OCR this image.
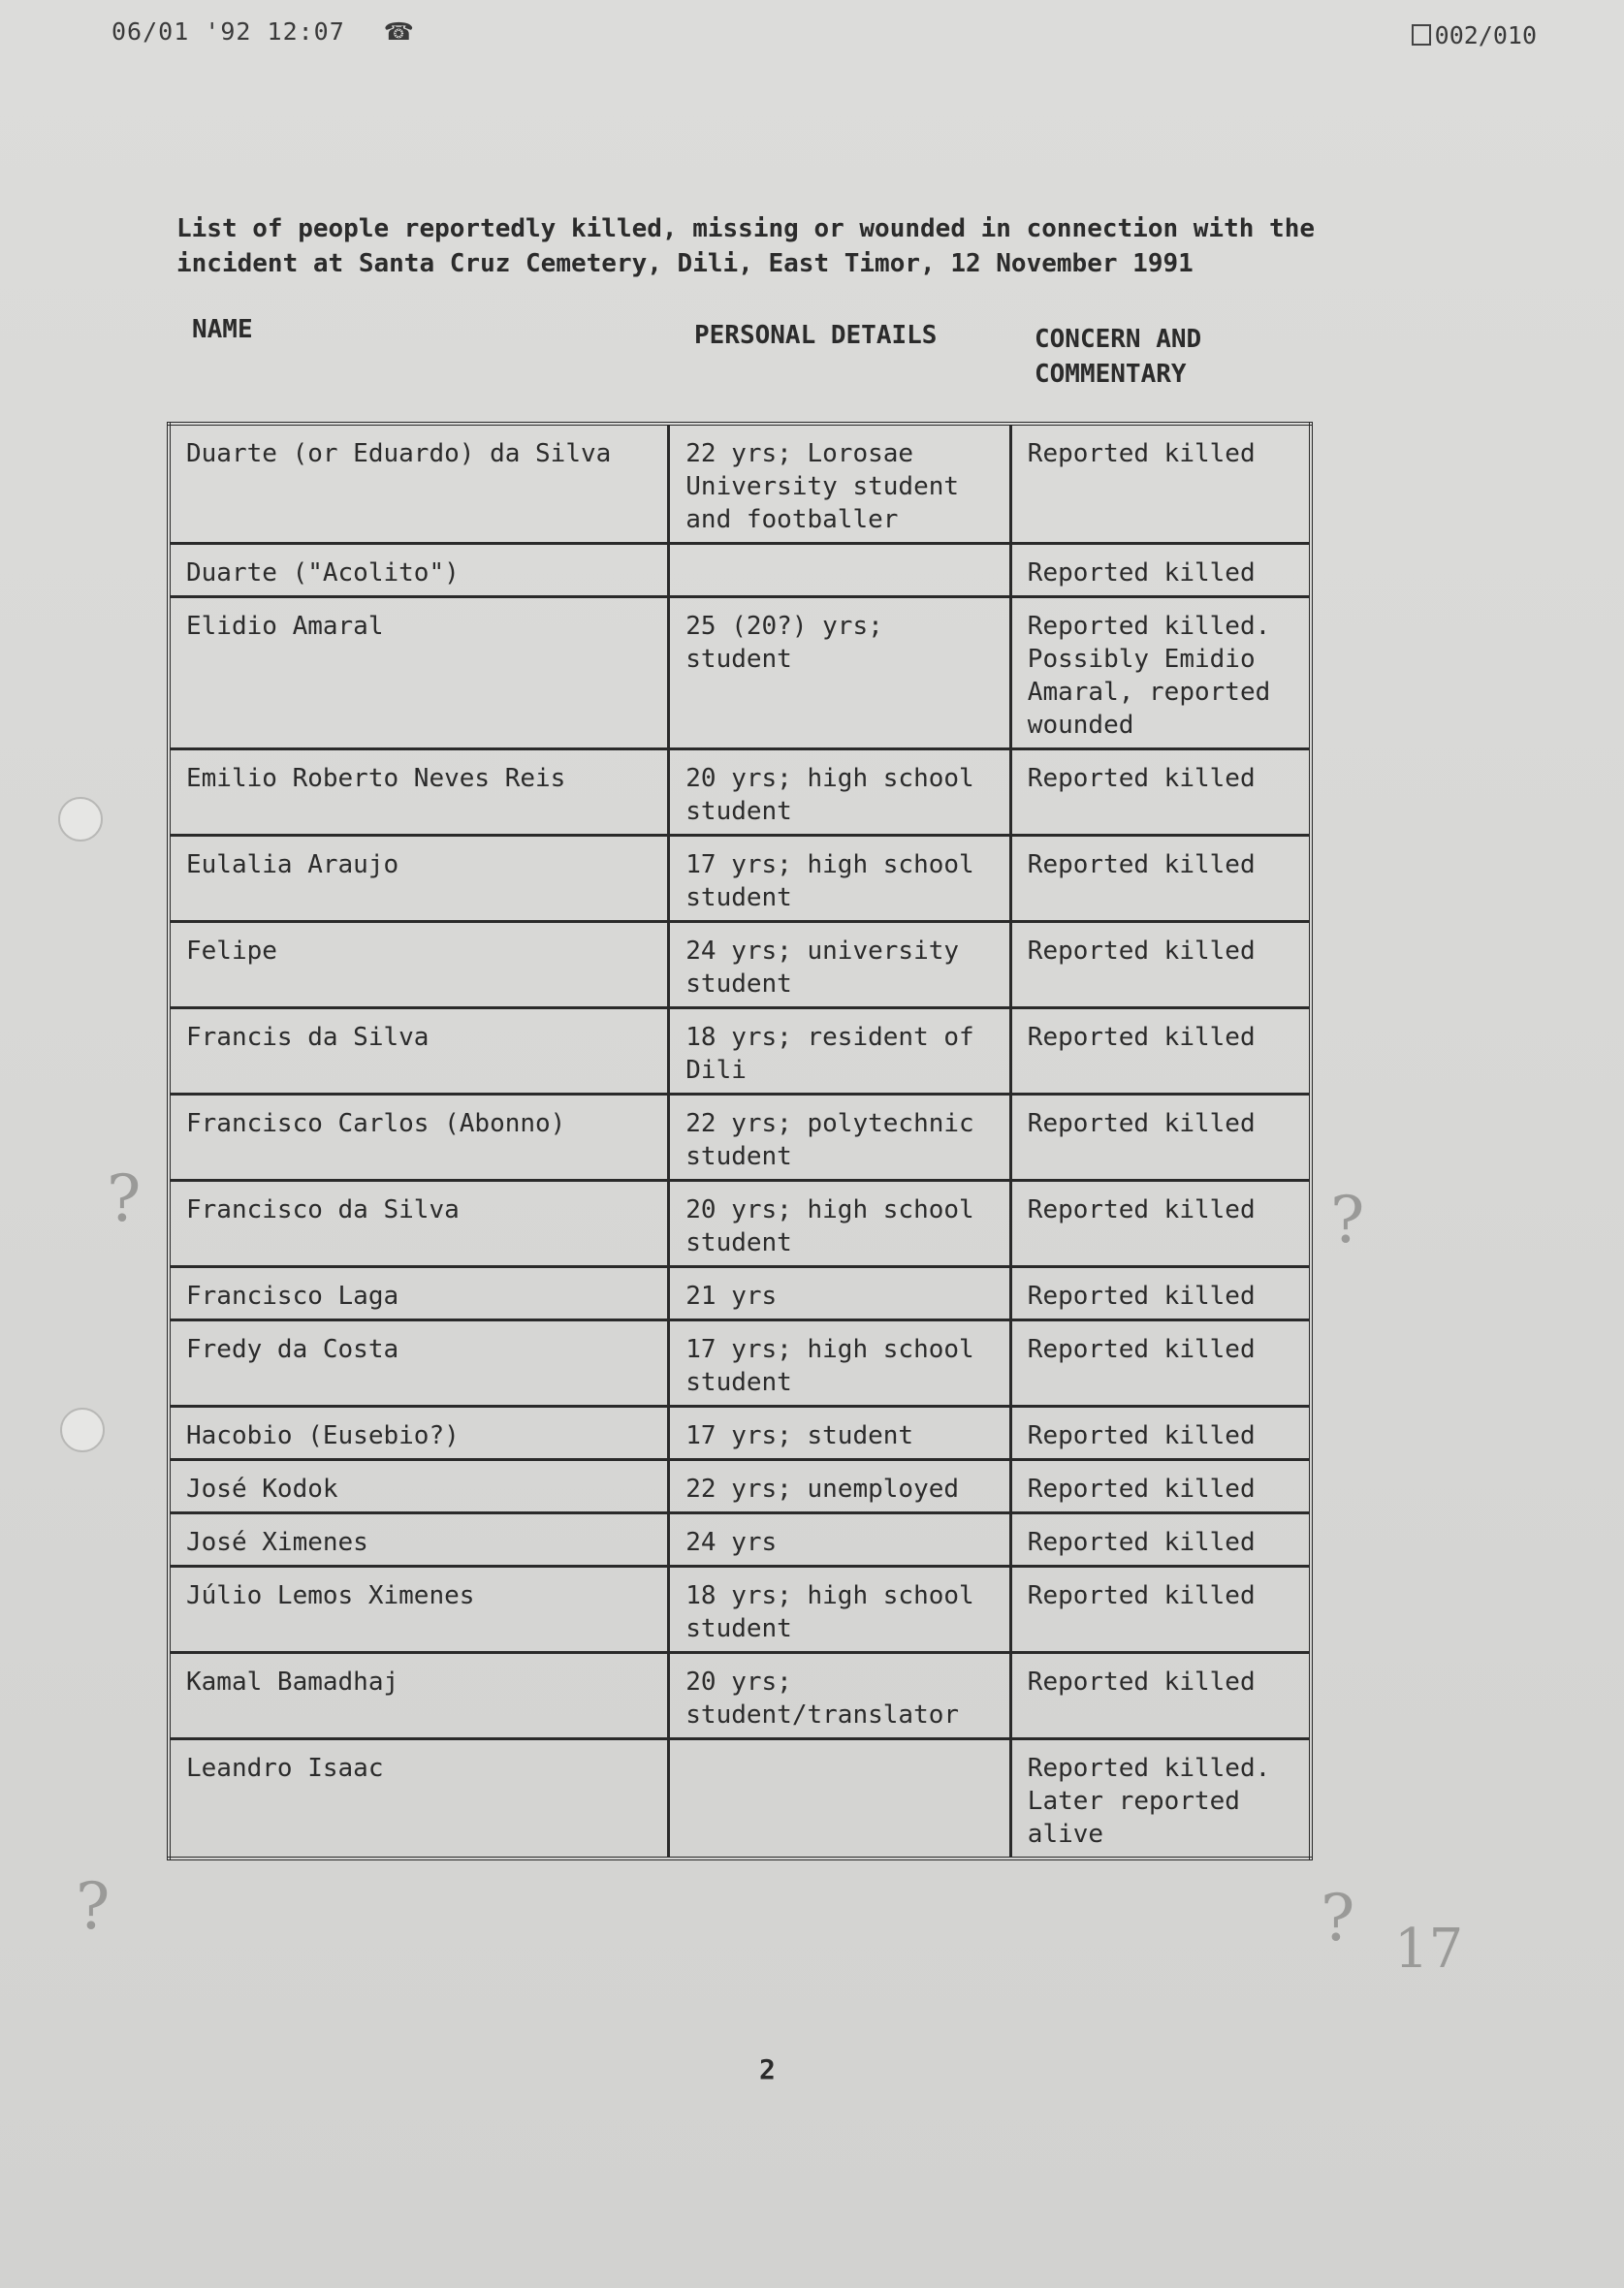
06/01 '92 12:07 ☎	002/010
List of people reportedly killed, missing or wounded in connection with the incident at Santa Cruz Cemetery, Dili, East Timor, 12 November 1991
NAME	PERSONAL DETAILS	CONCERN AND COMMENTARY
Duarte (or Eduardo) da Silva	22 yrs; Lorosae University student and footballer	Reported killed
Duarte ("Acolito")		Reported killed
Elidio Amaral	25 (20?) yrs; student	Reported killed. Possibly Emidio Amaral, reported wounded
Emilio Roberto Neves Reis	20 yrs; high school student	Reported killed
Eulalia Araujo	17 yrs; high school student	Reported killed
Felipe	24 yrs; university student	Reported killed
Francis da Silva	18 yrs; resident of Dili	Reported killed
Francisco Carlos (Abonno)	22 yrs; polytechnic student	Reported killed
Francisco da Silva	20 yrs; high school student	Reported killed
Francisco Laga	21 yrs	Reported killed
Fredy da Costa	17 yrs; high school student	Reported killed
Hacobio (Eusebio?)	17 yrs; student	Reported killed
José Kodok	22 yrs; unemployed	Reported killed
José Ximenes	24 yrs	Reported killed
Júlio Lemos Ximenes	18 yrs; high school student	Reported killed
Kamal Bamadhaj	20 yrs; student/translator	Reported killed
Leandro Isaac		Reported killed. Later reported alive
2
?	?
?	? 17
